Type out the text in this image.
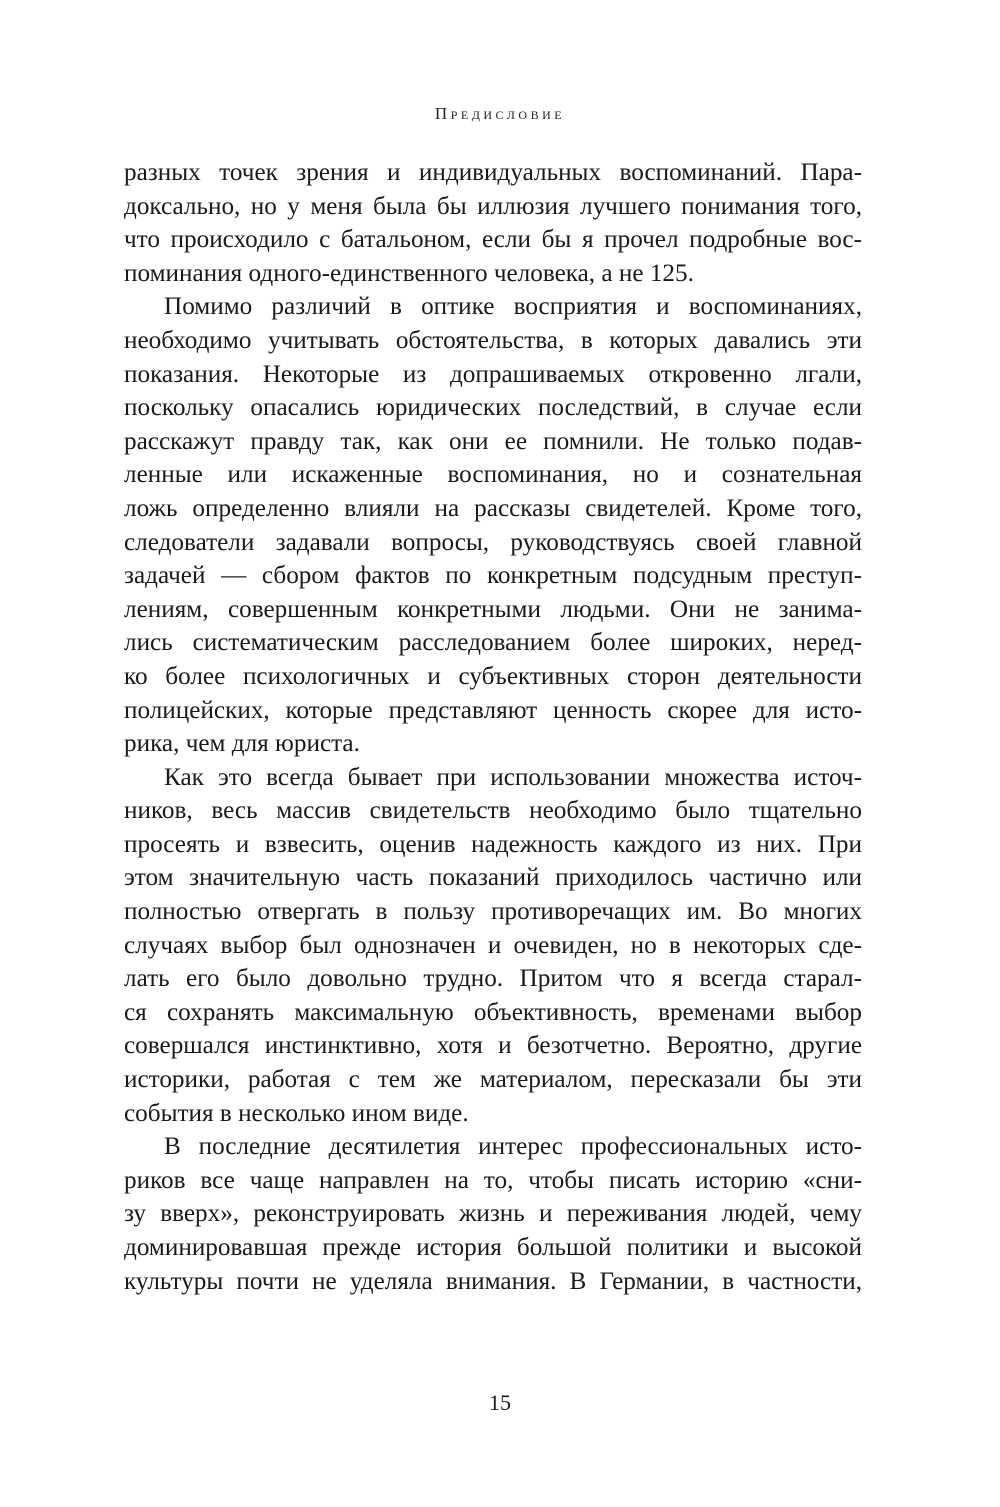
Предисловие
разных точек зрения и индивидуальных воспоминаний. Пара-
доксально, но у меня была бы иллюзия лучшего понимания того,
что происходило с батальоном, если бы я прочел подробные вос-
поминания одного-единственного человека, а не 125.
Помимо различий в оптике восприятия и воспоминаниях,
необходимо учитывать обстоятельства, в которых давались эти
показания. Некоторые из допрашиваемых откровенно лгали,
поскольку опасались юридических последствий, в случае если
расскажут правду так, как они ее помнили. Не только подав-
ленные или искаженные воспоминания, но и сознательная
ложь определенно влияли на рассказы свидетелей. Кроме того,
следователи задавали вопросы, руководствуясь своей главной
задачей — сбором фактов по конкретным подсудным преступ-
лениям, совершенным конкретными людьми. Они не занима-
лись систематическим расследованием более широких, неред-
ко более психологичных и субъективных сторон деятельности
полицейских, которые представляют ценность скорее для исто-
рика, чем для юриста.
Как это всегда бывает при использовании множества источ-
ников, весь массив свидетельств необходимо было тщательно
просеять и взвесить, оценив надежность каждого из них. При
этом значительную часть показаний приходилось частично или
полностью отвергать в пользу противоречащих им. Во многих
случаях выбор был однозначен и очевиден, но в некоторых сде-
лать его было довольно трудно. Притом что я всегда старал-
ся сохранять максимальную объективность, временами выбор
совершался инстинктивно, хотя и безотчетно. Вероятно, другие
историки, работая с тем же материалом, пересказали бы эти
события в несколько ином виде.
В последние десятилетия интерес профессиональных исто-
риков все чаще направлен на то, чтобы писать историю «сни-
зу вверх», реконструировать жизнь и переживания людей, чему
доминировавшая прежде история большой политики и высокой
культуры почти не уделяла внимания. В Германии, в частности,
15
